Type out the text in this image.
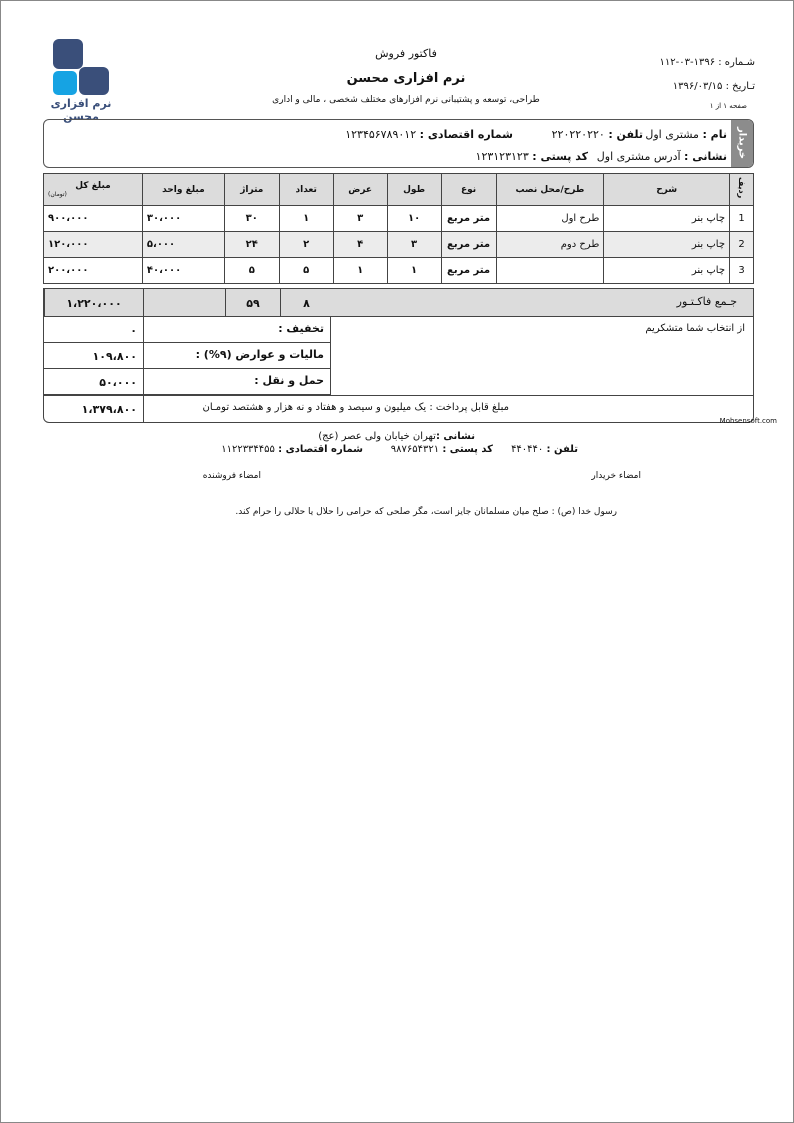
نرم افزاری محسن
فاکتور فروش
نرم افزاری محسن
طراحی، توسعه و پشتیبانی نرم افزارهای مختلف شخصی ، مالی و اداری
شـماره : ۱۳۹۶-۰۳-۱۱۲
تـاریخ : ۱۳۹۶/۰۳/۱۵
صفحه ۱ از ۱
خریدار
نام : مشتری اول
تلفن : ۲۲۰۲۲۰۲۲۰
شماره اقتصادی : ۱۲۳۴۵۶۷۸۹۰۱۲
نشانی : آدرس مشتری اول
کد پستی : ۱۲۳۱۲۳۱۲۳
ردیف	شرح	طرح/محل نصب	نوع	طول	عرض	تعداد	متراژ	مبلغ واحد	مبلغ کل
(تومان)

1	چاپ بنر	طرح اول	متر مربع	۱۰	۳	۱	۳۰	۳۰،۰۰۰	۹۰۰،۰۰۰
2	چاپ بنر	طرح دوم	متر مربع	۳	۴	۲	۲۴	۵،۰۰۰	۱۲۰،۰۰۰
3	چاپ بنر		متر مربع	۱	۱	۵	۵	۴۰،۰۰۰	۲۰۰،۰۰۰
۱،۲۲۰،۰۰۰	۵۹	۸	جـمع فاکـتـور
۰	تخفیف :
۱۰۹،۸۰۰	مالیات و عوارض (۹%) :
۵۰،۰۰۰	حمل و نقل :
از انتخاب شما متشکریم
۱،۳۷۹،۸۰۰	مبلغ قابل پرداخت : یک میلیون و سیصد و هفتاد و نه هزار و هشتصد تومـان
Mohsensoft.com
نشانی :تهران خیابان ولی عصر (عج)
تلفن : ۴۴۰۴۴۰
کد پستی : ۹۸۷۶۵۴۳۲۱
شماره اقتصادی : ۱۱۲۲۳۳۴۴۵۵
امضاء خریدار
امضاء فروشنده
رسول خدا (ص) : صلح میان مسلمانان جایز است، مگر صلحی که حرامی را حلال یا حلالی را حرام کند.
